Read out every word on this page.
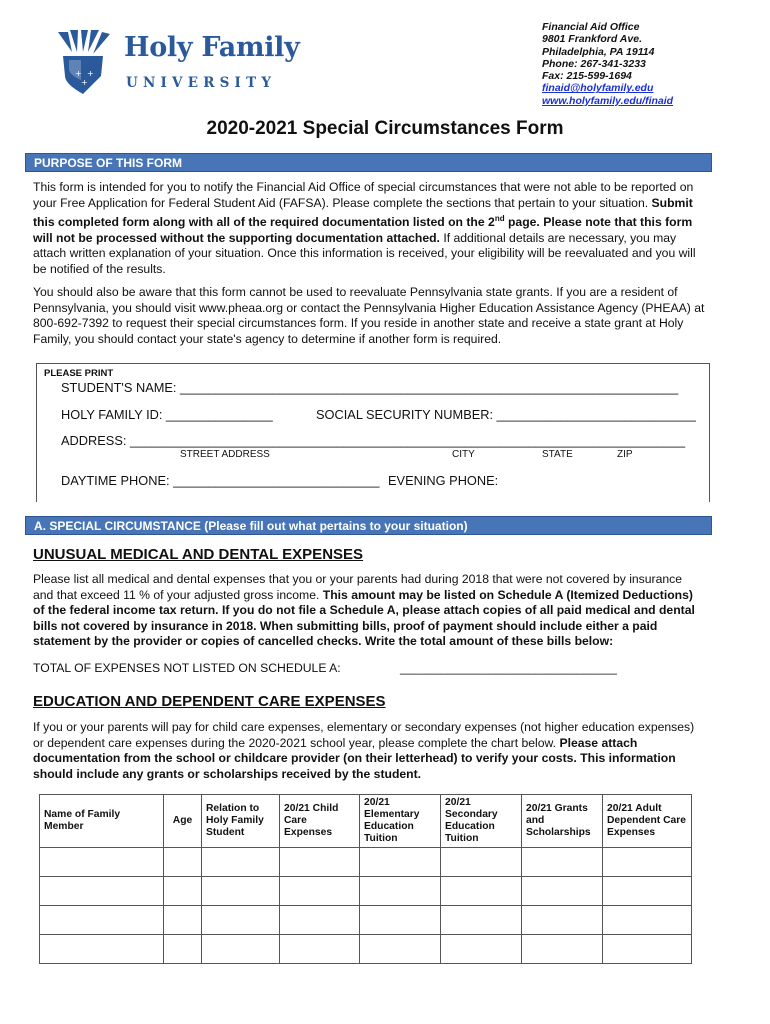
+ +
+
Holy Family
UNIVERSITY
Financial Aid Office
9801 Frankford Ave.
Philadelphia, PA 19114
Phone: 267-341-3233
Fax: 215-599-1694
finaid@holyfamily.edu
www.holyfamily.edu/finaid
2020-2021 Special Circumstances Form
PURPOSE OF THIS FORM
This form is intended for you to notify the Financial Aid Office of special circumstances that were not able to be reported on your Free Application for Federal Student Aid (FAFSA). Please complete the sections that pertain to your situation. Submit this completed form along with all of the required documentation listed on the 2nd page. Please note that this form will not be processed without the supporting documentation attached. If additional details are necessary, you may attach written explanation of your situation. Once this information is received, your eligibility will be reevaluated and you will be notified of the results.
You should also be aware that this form cannot be used to reevaluate Pennsylvania state grants. If you are a resident of Pennsylvania, you should visit www.pheaa.org or contact the Pennsylvania Higher Education Assistance Agency (PHEAA) at 800-692-7392 to request their special circumstances form. If you reside in another state and receive a state grant at Holy Family, you should contact your state's agency to determine if another form is required.
PLEASE PRINT
STUDENT'S NAME: ______________________________________________________________________
HOLY FAMILY ID: _______________	SOCIAL SECURITY NUMBER: ____________________________
ADDRESS: ______________________________________________________________________________
STREET ADDRESS	CITY	STATE	ZIP
DAYTIME PHONE: _____________________________ EVENING PHONE:
A. SPECIAL CIRCUMSTANCE (Please fill out what pertains to your situation)
UNUSUAL MEDICAL AND DENTAL EXPENSES
Please list all medical and dental expenses that you or your parents had during 2018 that were not covered by insurance and that exceed 11 % of your adjusted gross income. This amount may be listed on Schedule A (Itemized Deductions) of the federal income tax return. If you do not file a Schedule A, please attach copies of all paid medical and dental bills not covered by insurance in 2018. When submitting bills, proof of payment should include either a paid statement by the provider or copies of cancelled checks. Write the total amount of these bills below:
TOTAL OF EXPENSES NOT LISTED ON SCHEDULE A:	________________________________
EDUCATION AND DEPENDENT CARE EXPENSES
If you or your parents will pay for child care expenses, elementary or secondary expenses (not higher education expenses) or dependent care expenses during the 2020-2021 school year, please complete the chart below. Please attach documentation from the school or childcare provider (on their letterhead) to verify your costs. This information should include any grants or scholarships received by the student.
Name of Family Member	Age	Relation to Holy Family Student	20/21 Child Care Expenses	20/21 Elementary Education Tuition	20/21 Secondary Education Tuition	20/21 Grants and Scholarships	20/21 Adult Dependent Care Expenses
